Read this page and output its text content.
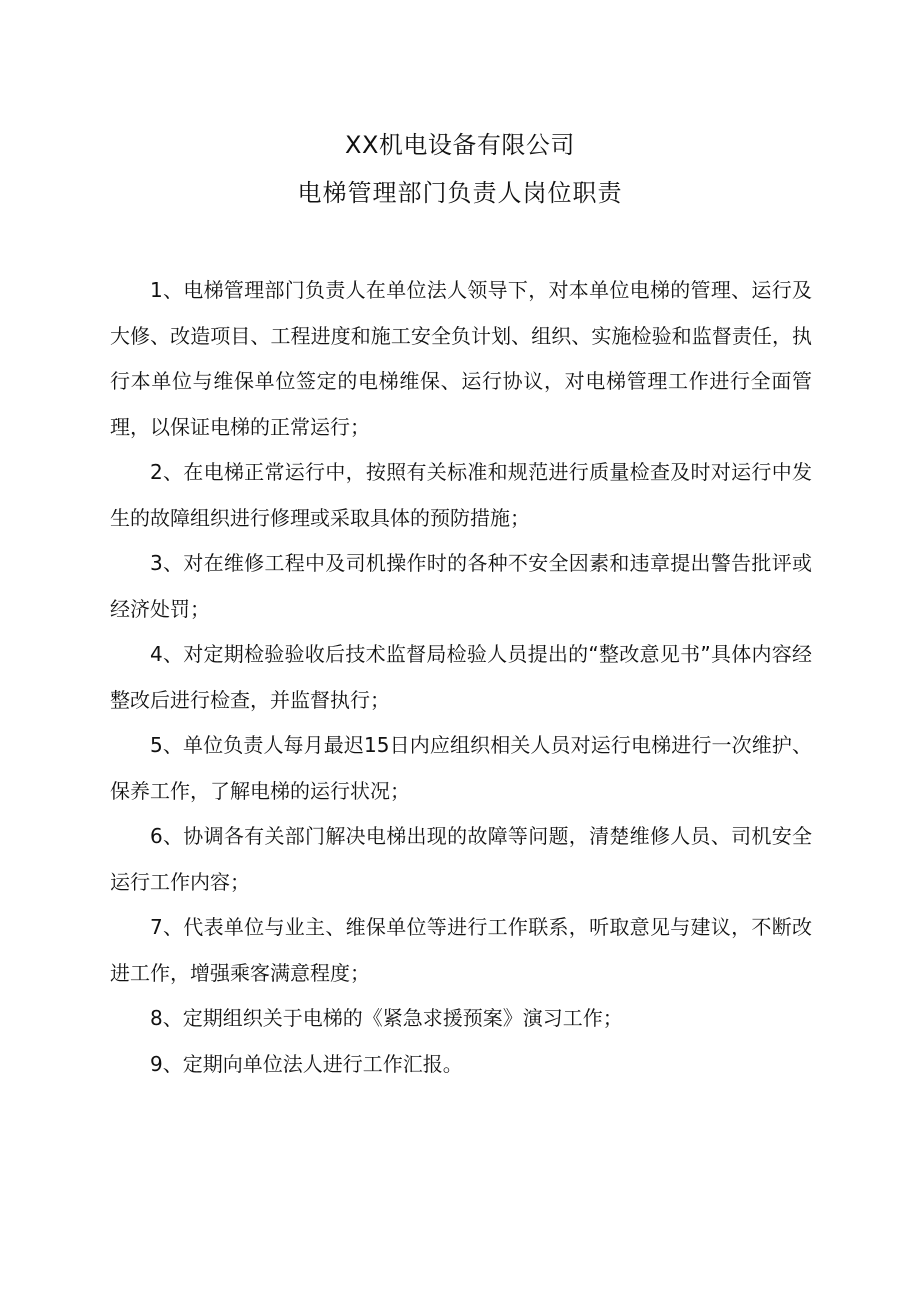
XX机电设备有限公司

电梯管理部门负责人岗位职责

1、电梯管理部门负责人在单位法人领导下，对本单位电梯的管理、运行及大修、改造项目、工程进度和施工安全负计划、组织、实施检验和监督责任，执行本单位与维保单位签定的电梯维保、运行协议，对电梯管理工作进行全面管理，以保证电梯的正常运行；

2、在电梯正常运行中，按照有关标准和规范进行质量检查及时对运行中发生的故障组织进行修理或采取具体的预防措施；

3、对在维修工程中及司机操作时的各种不安全因素和违章提出警告批评或经济处罚；

4、对定期检验验收后技术监督局检验人员提出的“整改意见书”具体内容经整改后进行检查，并监督执行；

5、单位负责人每月最迟15日内应组织相关人员对运行电梯进行一次维护、保养工作，了解电梯的运行状况；

6、协调各有关部门解决电梯出现的故障等问题，清楚维修人员、司机安全运行工作内容；

7、代表单位与业主、维保单位等进行工作联系，听取意见与建议，不断改进工作，增强乘客满意程度；

8、定期组织关于电梯的《紧急求援预案》演习工作；

9、定期向单位法人进行工作汇报。
